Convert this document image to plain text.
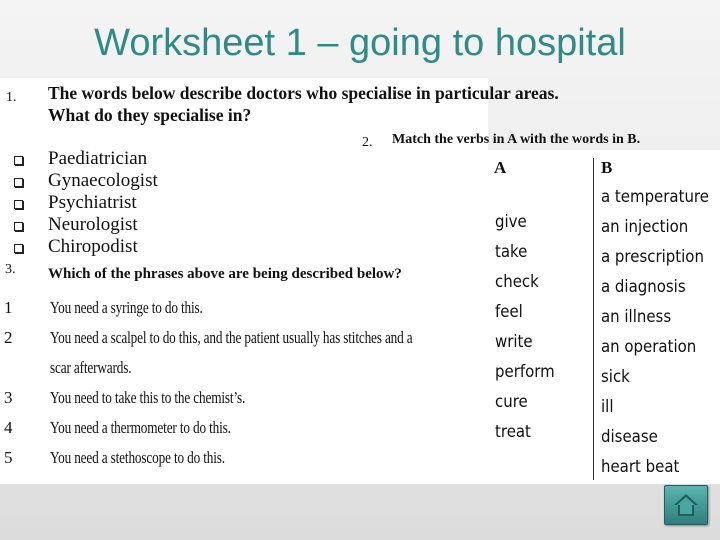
Worksheet 1 – going to hospital
1. The words below describe doctors who specialise in particular areas.
What do they specialise in?
2. Match the verbs in A with the words in B.
Paediatrician
Gynaecologist
Psychiatrist
Neurologist
Chiropodist
3. Which of the phrases above are being described below?
1 You need a syringe to do this.
2 You need a scalpel to do this, and the patient usually has stitches and a
scar afterwards.
3 You need to take this to the chemist’s.
4 You need a thermometer to do this.
5 You need a stethoscope to do this.
A	B
give
take
check
feel
write
perform
cure
treat
a temperature
an injection
a prescription
a diagnosis
an illness
an operation
sick
ill
disease
heart beat
